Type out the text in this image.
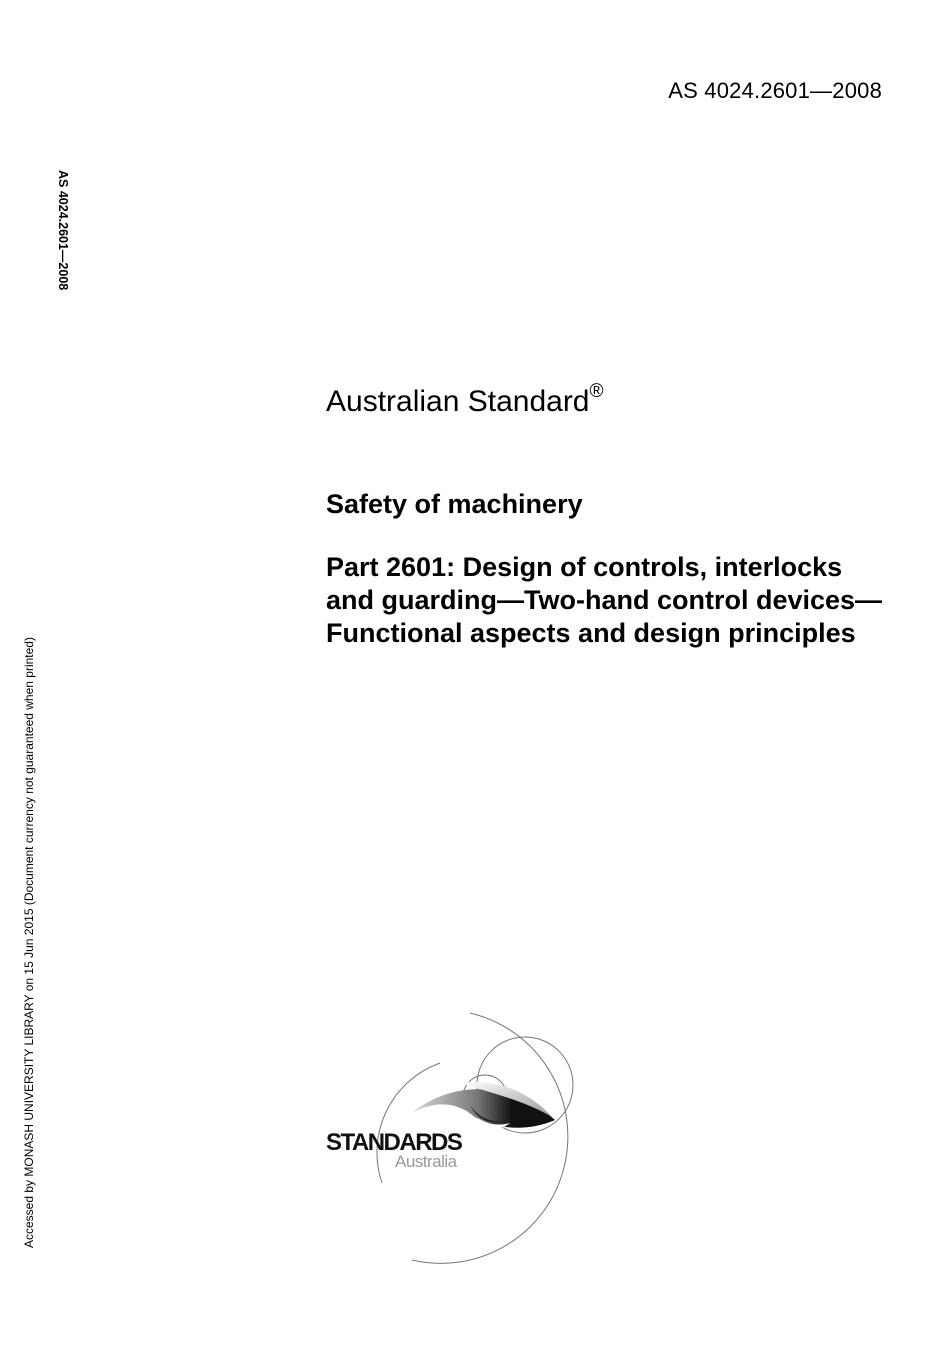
AS 4024.2601—2008
AS 4024.2601—2008
Accessed by MONASH UNIVERSITY LIBRARY on 15 Jun 2015 (Document currency not guaranteed when printed)
Australian Standard®
Safety of machinery
Part 2601: Design of controls, interlocks and guarding—Two-hand control devices—Functional aspects and design principles
STANDARDS
Australia
